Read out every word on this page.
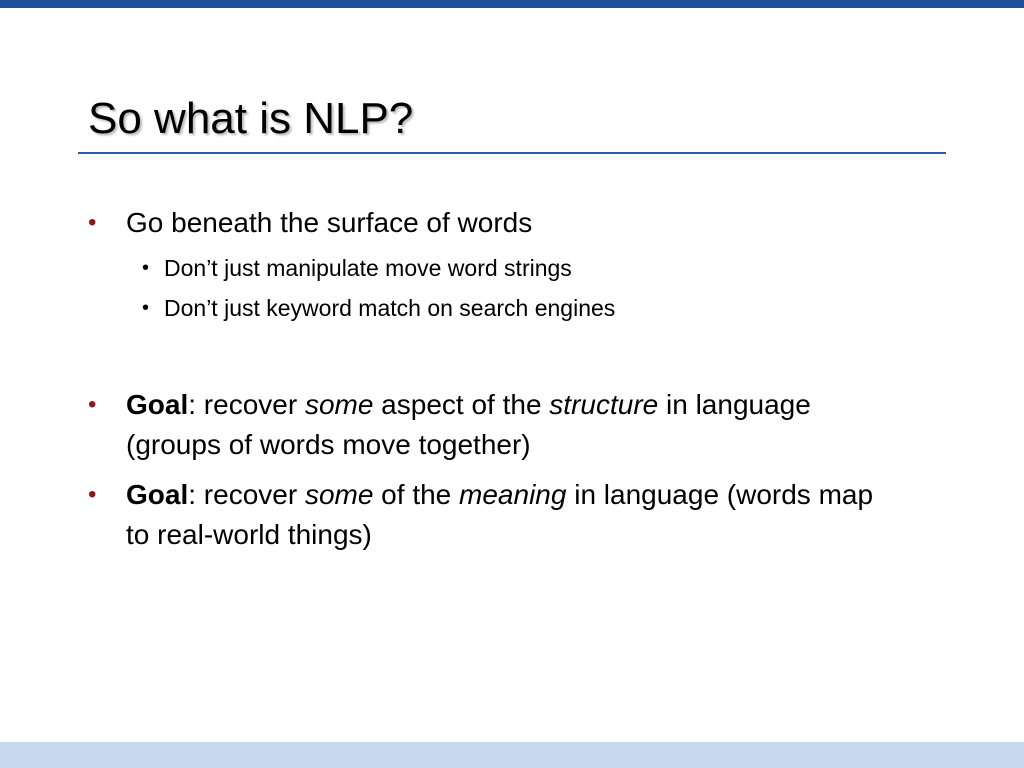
So what is NLP?
• Go beneath the surface of words
• Don’t just manipulate move word strings
• Don’t just keyword match on search engines
• Goal: recover some aspect of the structure in language (groups of words move together)
• Goal: recover some of the meaning in language (words map to real-world things)
